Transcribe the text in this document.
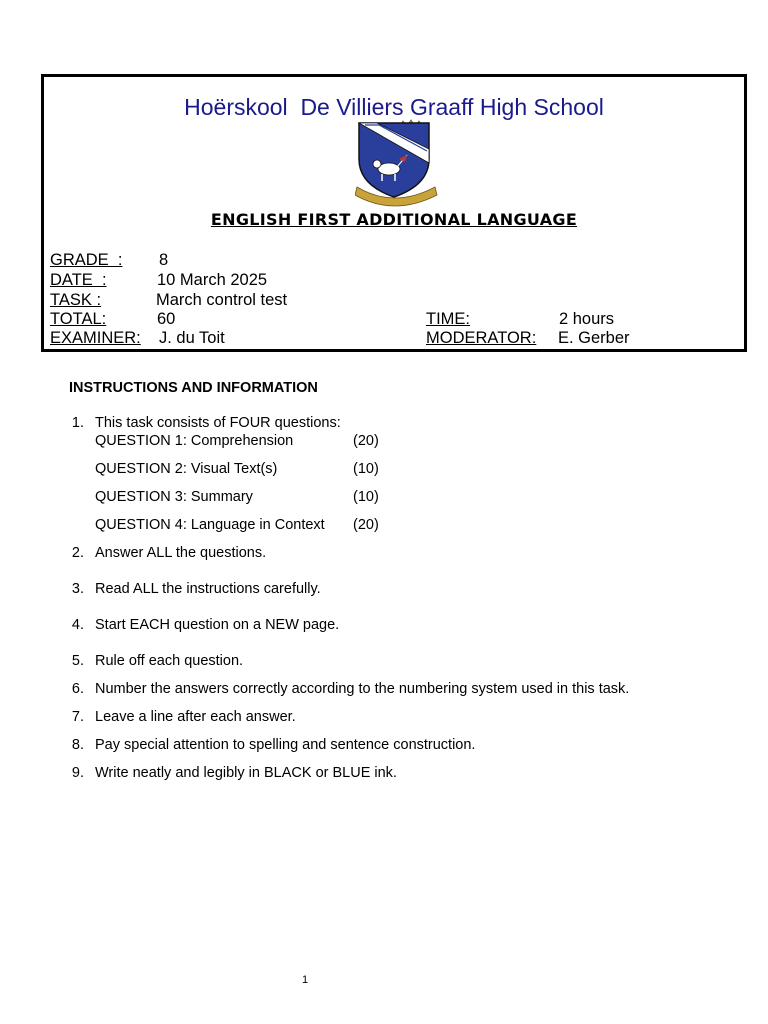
Hoërskool  De Villiers Graaff High School
ENGLISH FIRST ADDITIONAL LANGUAGE
GRADE  : 8
DATE  :	10 March 2025
TASK :	March control test
TOTAL:	60	TIME:	2 hours
EXAMINER: J. du Toit	MODERATOR: E. Gerber
INSTRUCTIONS AND INFORMATION
1. This task consists of FOUR questions:
QUESTION 1: Comprehension	(20)
QUESTION 2: Visual Text(s)	(10)
QUESTION 3: Summary	(10)
QUESTION 4: Language in Context (20)
2. Answer ALL the questions.
3. Read ALL the instructions carefully.
4. Start EACH question on a NEW page.
5. Rule off each question.
6. Number the answers correctly according to the numbering system used in this task.
7. Leave a line after each answer.
8. Pay special attention to spelling and sentence construction.
9. Write neatly and legibly in BLACK or BLUE ink.
1
